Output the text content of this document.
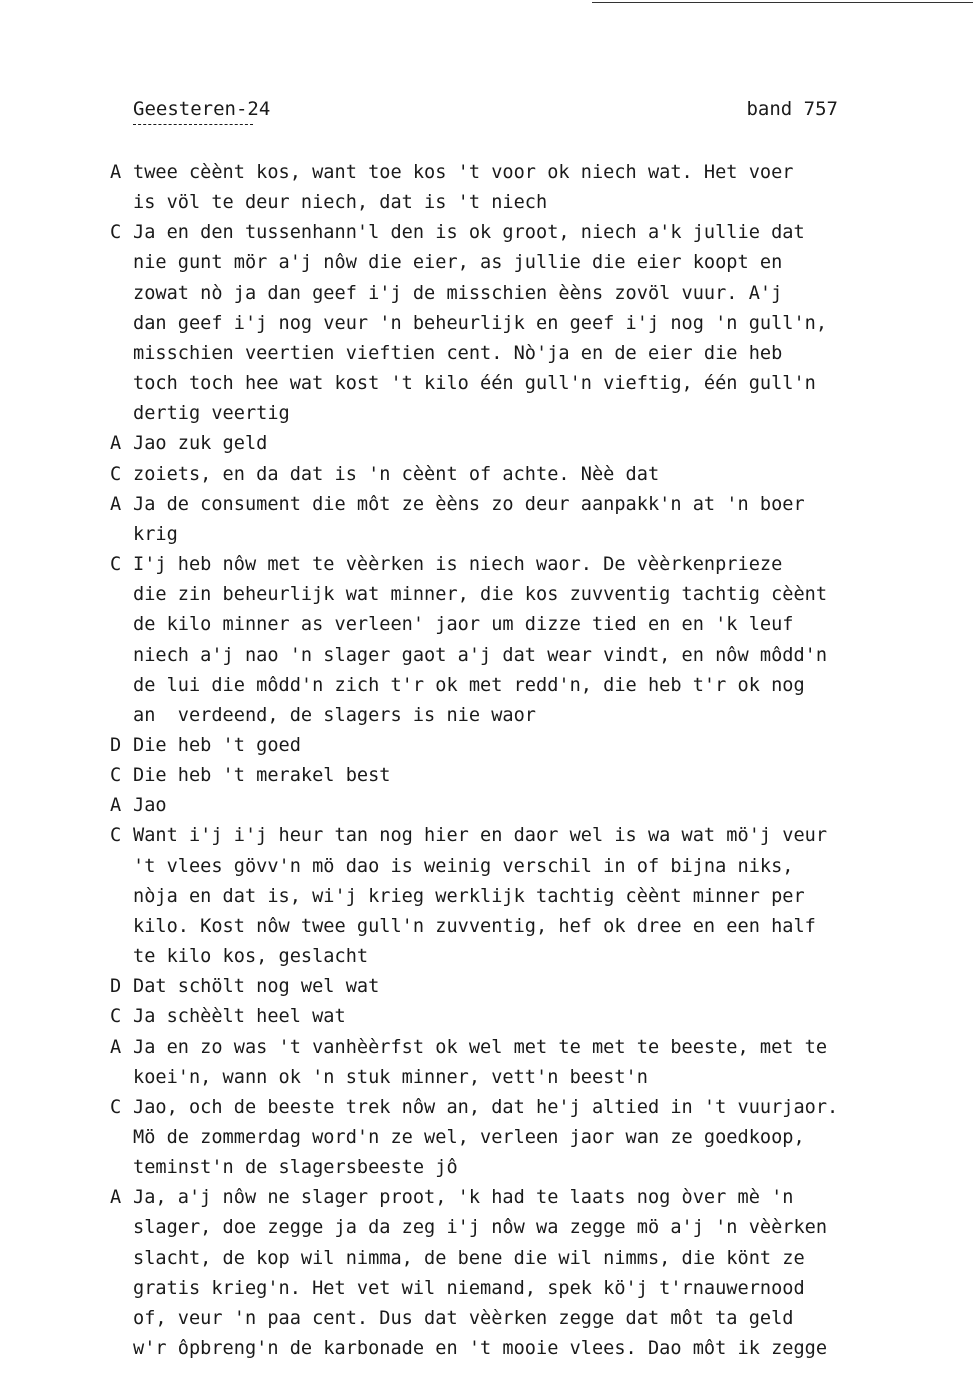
Geesteren-24	band 757
A twee cèènt kos, want toe kos 't voor ok niech wat. Het voer
is völ te deur niech, dat is 't niech
C Ja en den tussenhann'l den is ok groot, niech a'k jullie dat
nie gunt mör a'j nôw die eier, as jullie die eier koopt en
zowat nò ja dan geef i'j de misschien èèns zovöl vuur. A'j
dan geef i'j nog veur 'n beheurlijk en geef i'j nog 'n gull'n,
misschien veertien vieftien cent. Nò'ja en de eier die heb
toch toch hee wat kost 't kilo één gull'n vieftig, één gull'n
dertig veertig
A Jao zuk geld
C zoiets, en da dat is 'n cèènt of achte. Nèè dat
A Ja de consument die môt ze èèns zo deur aanpakk'n at 'n boer
krig
C I'j heb nôw met te vèèrken is niech waor. De vèèrkenprieze
die zin beheurlijk wat minner, die kos zuvventig tachtig cèènt
de kilo minner as verleen' jaor um dizze tied en en 'k leuf
niech a'j nao 'n slager gaot a'j dat wear vindt, en nôw môdd'n
de lui die môdd'n zich t'r ok met redd'n, die heb t'r ok nog
an  verdeend, de slagers is nie waor
D Die heb 't goed
C Die heb 't merakel best
A Jao
C Want i'j i'j heur tan nog hier en daor wel is wa wat mö'j veur
't vlees gövv'n mö dao is weinig verschil in of bijna niks,
nòja en dat is, wi'j krieg werklijk tachtig cèènt minner per
kilo. Kost nôw twee gull'n zuvventig, hef ok dree en een half
te kilo kos, geslacht
D Dat schölt nog wel wat
C Ja schèèlt heel wat
A Ja en zo was 't vanhèèrfst ok wel met te met te beeste, met te
koei'n, wann ok 'n stuk minner, vett'n beest'n
C Jao, och de beeste trek nôw an, dat he'j altied in 't vuurjaor.
Mö de zommerdag word'n ze wel, verleen jaor wan ze goedkoop,
teminst'n de slagersbeeste jô
A Ja, a'j nôw ne slager proot, 'k had te laats nog òver mè 'n
slager, doe zegge ja da zeg i'j nôw wa zegge mö a'j 'n vèèrken
slacht, de kop wil nimma, de bene die wil nimms, die könt ze
gratis krieg'n. Het vet wil niemand, spek kö'j t'rnauwernood
of, veur 'n paa cent. Dus dat vèèrken zegge dat môt ta geld
w'r ôpbreng'n de karbonade en 't mooie vlees. Dao môt ik zegge
